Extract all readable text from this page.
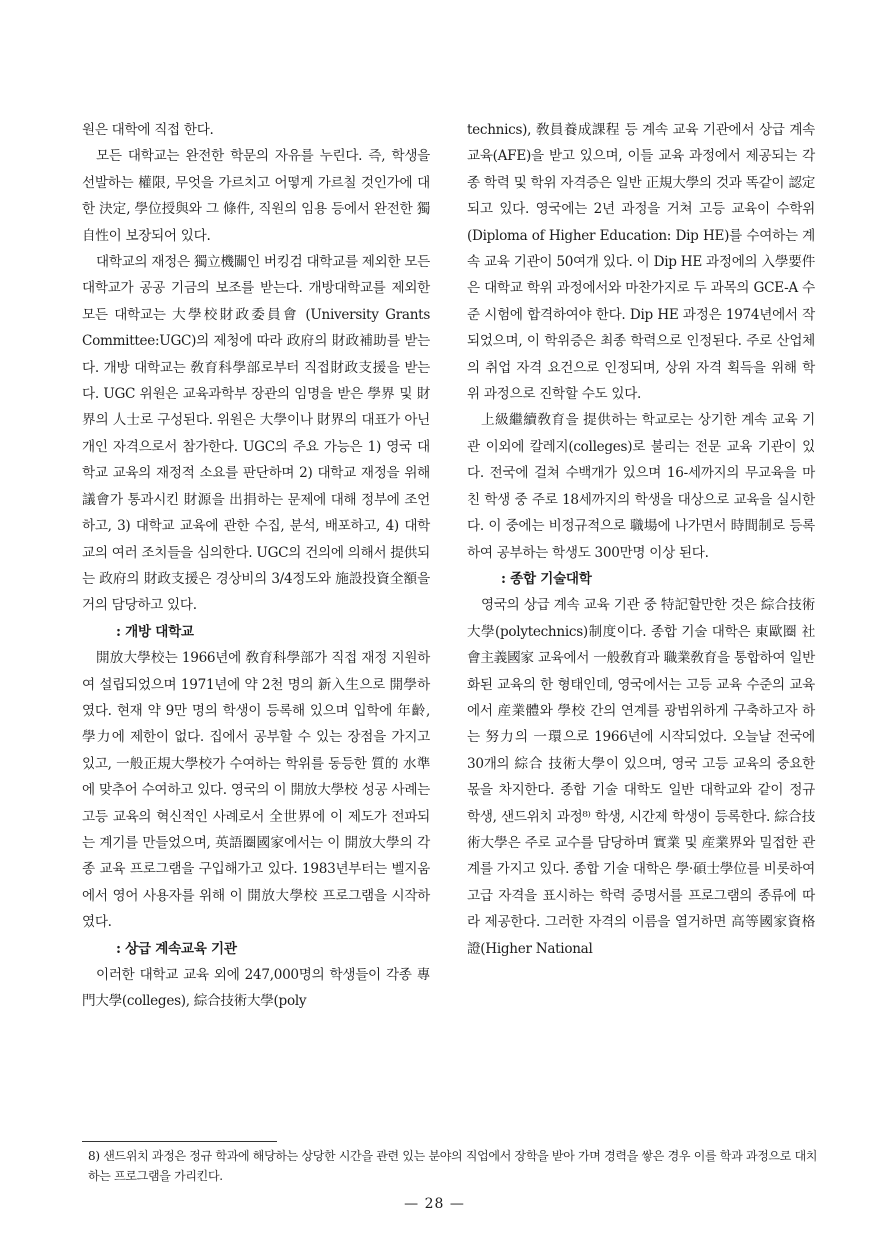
원은 대학에 직접 한다.

모든 대학교는 완전한 학문의 자유를 누린다. 즉, 학생을 선발하는 權限, 무엇을 가르치고 어떻게 가르칠 것인가에 대한 決定, 學位授與와 그 條件, 직원의 임용 등에서 완전한 獨自性이 보장되어 있다.

대학교의 재정은 獨立機關인 버킹검 대학교를 제외한 모든 대학교가 공공 기금의 보조를 받는다. 개방대학교를 제외한 모든 대학교는 大學校財政委員會 (University Grants Committee:UGC)의 제청에 따라 政府의 財政補助를 받는다. 개방 대학교는 敎育科學部로부터 직접財政支援을 받는다. UGC 위원은 교육과학부 장관의 임명을 받은 學界 및 財界의 人士로 구성된다. 위원은 大學이나 財界의 대표가 아닌 개인 자격으로서 참가한다. UGC의 주요 가능은 1) 영국 대학교 교육의 재정적 소요를 판단하며 2) 대학교 재정을 위해 議會가 통과시킨 財源을 出捐하는 문제에 대해 정부에 조언하고, 3) 대학교 교육에 관한 수집, 분석, 배포하고, 4) 대학교의 여러 조치들을 심의한다. UGC의 건의에 의해서 提供되는 政府의 財政支援은 경상비의 3/4정도와 施設投資全額을 거의 담당하고 있다.

: 개방 대학교

開放大學校는 1966년에 敎育科學部가 직접 재정 지원하여 설립되었으며 1971년에 약 2천 명의 新入生으로 開學하였다. 현재 약 9만 명의 학생이 등록해 있으며 입학에 年齡, 學力에 제한이 없다. 집에서 공부할 수 있는 장점을 가지고 있고, 一般正規大學校가 수여하는 학위를 동등한 質的 水準에 맞추어 수여하고 있다. 영국의 이 開放大學校 성공 사례는 고등 교육의 혁신적인 사례로서 全世界에 이 제도가 전파되는 계기를 만들었으며, 英語圈國家에서는 이 開放大學의 각종 교육 프로그램을 구입해가고 있다. 1983년부터는 벨지움에서 영어 사용자를 위해 이 開放大學校 프로그램을 시작하였다.

: 상급 계속교육 기관

이러한 대학교 교육 외에 247,000명의 학생들이 각종 專門大學(colleges), 綜合技術大學(poly

technics), 敎員養成課程 등 계속 교육 기관에서 상급 계속 교육(AFE)을 받고 있으며, 이들 교육 과정에서 제공되는 각종 학력 및 학위 자격증은 일반 正規大學의 것과 똑같이 認定되고 있다. 영국에는 2년 과정을 거쳐 고등 교육이 수학위(Diploma of Higher Education: Dip HE)를 수여하는 계속 교육 기관이 50여개 있다. 이 Dip HE 과정에의 入學要件은 대학교 학위 과정에서와 마찬가지로 두 과목의 GCE-A 수준 시험에 합격하여야 한다. Dip HE 과정은 1974년에서 작되었으며, 이 학위증은 최종 학력으로 인정된다. 주로 산업체의 취업 자격 요건으로 인정되며, 상위 자격 획득을 위해 학위 과정으로 진학할 수도 있다.

上級繼續敎育을 提供하는 학교로는 상기한 계속 교육 기관 이외에 칼레지(colleges)로 불리는 전문 교육 기관이 있다. 전국에 걸쳐 수백개가 있으며 16-세까지의 무교육을 마친 학생 중 주로 18세까지의 학생을 대상으로 교육을 실시한다. 이 중에는 비정규적으로 職場에 나가면서 時間制로 등록하여 공부하는 학생도 300만명 이상 된다.

: 종합 기술대학

영국의 상급 계속 교육 기관 중 特記할만한 것은 綜合技術大學(polytechnics)制度이다. 종합 기술 대학은 東歐圈 社會主義國家 교육에서 一般敎育과 職業敎育을 통합하여 일반화된 교육의 한 형태인데, 영국에서는 고등 교육 수준의 교육에서 産業體와 學校 간의 연계를 광범위하게 구축하고자 하는 努力의 一環으로 1966년에 시작되었다. 오늘날 전국에 30개의 綜合 技術大學이 있으며, 영국 고등 교육의 중요한 몫을 차지한다. 종합 기술 대학도 일반 대학교와 같이 정규 학생, 샌드위치 과정⁸⁾ 학생, 시간제 학생이 등록한다. 綜合技術大學은 주로 교수를 담당하며 實業 및 産業界와 밀접한 관계를 가지고 있다. 종합 기술 대학은 學·碩士學位를 비롯하여 고급 자격을 표시하는 학력 증명서를 프로그램의 종류에 따라 제공한다. 그러한 자격의 이름을 열거하면 高等國家資格證(Higher National

8) 샌드위치 과정은 정규 학과에 해당하는 상당한 시간을 관련 있는 분야의 직업에서 장학을 받아 가며 경력을 쌓은 경우 이를 학과 과정으로 대치하는 프로그램을 가리킨다.

— 28 —
